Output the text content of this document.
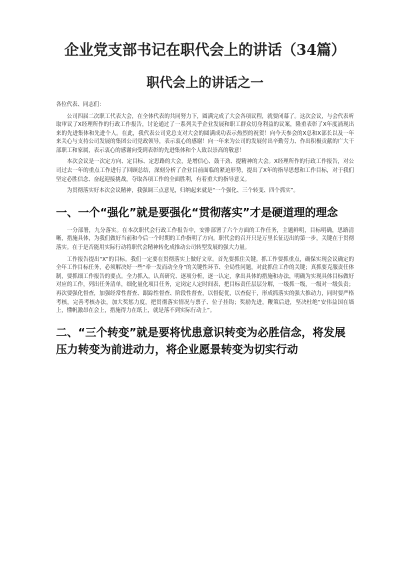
企业党支部书记在职代会上的讲话（34篇）
职代会上的讲话之一

各位代表、同志们：

公司四届二次职工代表大会，在全体代表的共同努力下，圆满完成了大会各项议程，就要闭幕了。这次会议，与会代表听取审议了X经理所作的行政工作报告，讨论通过了一系列关乎企业发展和职工群众切身利益的议案，隆重表彰了X年度涌现出来的先进集体和先进个人。在此，我代表公司党总支对大会的圆满成功表示热烈的祝贺！向今天参会的X总和X部长以及一年来关心与支持公司发展的集团公司党政领导，表示衷心的感谢！向一年来为公司的发展付出辛勤劳力、作出积极贡献的广大干部职工和家属，表示衷心的感谢向受到表彰的先进集体和个人致以崇高的敬意！

本次会议是一次定方向、定目标、定思路的大会，是增信心、鼓干劲、提精神的大会。X经理所作的行政工作报告，对公司过去一年的重点工作进行了回顾总结，深刻分析了企业目前面临的紧迫形势，提出了X年的指导思想和工作目标，对于我们坚定必胜信念、奋起迎接挑战，夺取各项工作的全面胜利，有着重大的指导意义。

为贯彻落实好本次会议精神，我强调三点意见，归纳起来就是“一个强化、三个转变、四个抓实”。

一、一个“强化”就是要强化“贯彻落实”才是硬道理的理念

一分部署，九分落实。在本次职代会行政工作报告中，安排部署了六个方面的工作任务，主题鲜明，目标明确，思路清晰，措施具体，为我们做好当前和今后一个时期的工作指明了方向。职代会的召开只是万里长征迈出的第一步，关键在于贯彻落实。在于是否能用实际行动将职代会精神转化成推动公司转型发展的强大力量。

工作报告提出“X”的目标。我们一定要在贯彻落实上做好文章。首先要抓住关键。抓工作要抓重点，确保实现会议确定的全年工作目标任务，必须解决好一些“牵一发而动全身”的关键性环节、全局性问题，对此抓住工作的关键；真抓要克服责任体制，要抓细工作报告的要点。全力抓入，认真研究、逐项分析，逐一认定，拿出具体的措施和办法，明确为实现具体目标做好对应的工作，列出任务清单，细化量化项目任务，定岗定人定时间表，把目标责任层层分解，一级抓一级，一级对一级负责；再次要强化督查，加强经常性督查、跟踪性督查、阶段性督查，以督促优，以查促干，形成抓落实的强大推动力，同时要严格考核，完善考核办法，加大奖惩力度，把贯彻落实情况与票子、位子挂钩；奖励先进，鞭策后进，坚决杜绝“安伟益国在墙上，懂帆激昂在会上，措施得力在纸上，就是落不到实际行动上”。

二、“三个转变”就是要将忧患意识转变为必胜信念，将发展压力转变为前进动力，将企业愿景转变为切实行动
